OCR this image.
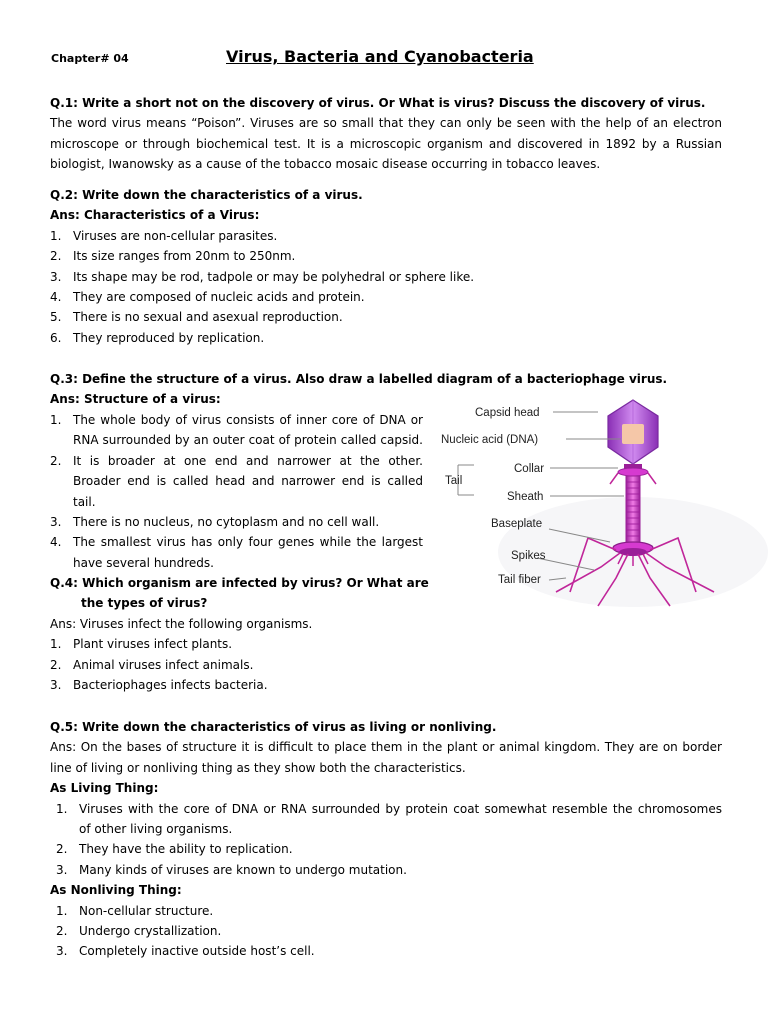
Chapter# 04	Virus, Bacteria and Cyanobacteria
Q.1: Write a short not on the discovery of virus. Or What is virus? Discuss the discovery of virus.
The word virus means “Poison”. Viruses are so small that they can only be seen with the help of an electron
microscope or through biochemical test. It is a microscopic organism and discovered in 1892 by a Russian
biologist, Iwanowsky as a cause of the tobacco mosaic disease occurring in tobacco leaves.
Q.2: Write down the characteristics of a virus.
Ans: Characteristics of a Virus:
1. Viruses are non-cellular parasites.
2. Its size ranges from 20nm to 250nm.
3. Its shape may be rod, tadpole or may be polyhedral or sphere like.
4. They are composed of nucleic acids and protein.
5. There is no sexual and asexual reproduction.
6. They reproduced by replication.
Q.3: Define the structure of a virus. Also draw a labelled diagram of a bacteriophage virus.
Ans: Structure of a virus:
1. The whole body of virus consists of inner core of DNA or
RNA surrounded by an outer coat of protein called capsid.
2. It is broader at one end and narrower at the other.
Broader end is called head and narrower end is called tail.
3. There is no nucleus, no cytoplasm and no cell wall.
4. The smallest virus has only four genes while the largest
have several hundreds.
Capsid head
Nucleic acid (DNA)
Collar
Tail
Sheath
Baseplate
Spikes
Tail fiber
Q.4: Which organism are infected by virus? Or What are
the types of virus?
Ans: Viruses infect the following organisms.
1. Plant viruses infect plants.
2. Animal viruses infect animals.
3. Bacteriophages infects bacteria.
Q.5: Write down the characteristics of virus as living or nonliving.
Ans: On the bases of structure it is difficult to place them in the plant or animal kingdom. They are on border
line of living or nonliving thing as they show both the characteristics.
As Living Thing:
1. Viruses with the core of DNA or RNA surrounded by protein coat somewhat resemble the chromosomes
of other living organisms.
2. They have the ability to replication.
3. Many kinds of viruses are known to undergo mutation.
As Nonliving Thing:
1. Non-cellular structure.
2. Undergo crystallization.
3. Completely inactive outside host’s cell.
